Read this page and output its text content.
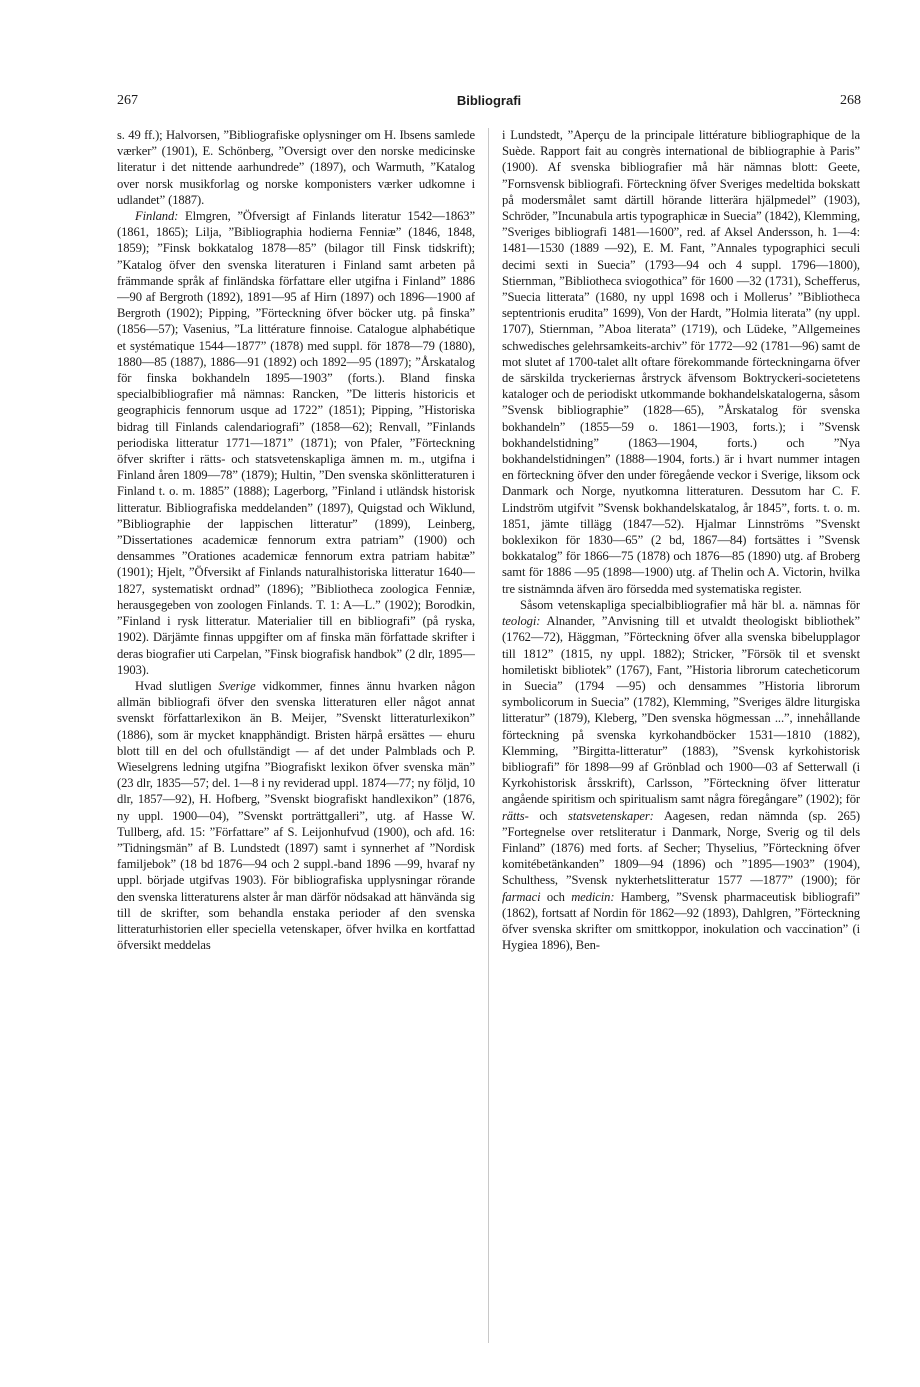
267	Bibliografi	268

s. 49 ff.); Halvorsen, ”Bibliografiske oplysninger om H. Ibsens samlede værker” (1901), E. Schönberg, ”Oversigt over den norske medicinske literatur i det nittende aarhundrede” (1897), och Warmuth, ”Katalog over norsk musikforlag og norske komponisters værker udkomne i udlandet” (1887).

Finland: Elmgren, ”Öfversigt af Finlands literatur 1542—1863” (1861, 1865); Lilja, ”Bibliographia hodierna Fenniæ” (1846, 1848, 1859); ”Finsk bokkatalog 1878—85” (bilagor till Finsk tidskrift); ”Katalog öfver den svenska literaturen i Finland samt arbeten på främmande språk af finländska författare eller utgifna i Finland” 1886—90 af Bergroth (1892), 1891—95 af Hirn (1897) och 1896—1900 af Bergroth (1902); Pipping, ”Förteckning öfver böcker utg. på finska” (1856—57); Vasenius, ”La littérature finnoise. Catalogue alphabétique et systématique 1544—1877” (1878) med suppl. för 1878—79 (1880), 1880—85 (1887), 1886—91 (1892) och 1892—95 (1897); ”Årskatalog för finska bokhandeln 1895—1903” (forts.). Bland finska specialbibliografier må nämnas: Rancken, ”De litteris historicis et geographicis fennorum usque ad 1722” (1851); Pipping, ”Historiska bidrag till Finlands calendariografi” (1858—62); Renvall, ”Finlands periodiska litteratur 1771—1871” (1871); von Pfaler, ”Förteckning öfver skrifter i rätts- och statsvetenskapliga ämnen m. m., utgifna i Finland åren 1809—78” (1879); Hultin, ”Den svenska skönlitteraturen i Finland t. o. m. 1885” (1888); Lagerborg, ”Finland i utländsk historisk litteratur. Bibliografiska meddelanden” (1897), Quigstad och Wiklund, ”Bibliographie der lappischen litteratur” (1899), Leinberg, ”Dissertationes academicæ fennorum extra patriam” (1900) och densammes ”Orationes academicæ fennorum extra patriam habitæ” (1901); Hjelt, ”Öfversikt af Finlands naturalhistoriska litteratur 1640—1827, systematiskt ordnad” (1896); ”Bibliotheca zoologica Fenniæ, herausgegeben von zoologen Finlands. T. 1: A—L.” (1902); Borodkin, ”Finland i rysk litteratur. Materialier till en bibliografi” (på ryska, 1902). Därjämte finnas uppgifter om af finska män författade skrifter i deras biografier uti Carpelan, ”Finsk biografisk handbok” (2 dlr, 1895—1903).

Hvad slutligen Sverige vidkommer, finnes ännu hvarken någon allmän bibliografi öfver den svenska litteraturen eller något annat svenskt författarlexikon än B. Meijer, ”Svenskt litteraturlexikon” (1886), som är mycket knapphändigt. Bristen härpå ersättes — ehuru blott till en del och ofullständigt — af det under Palmblads och P. Wieselgrens ledning utgifna ”Biografiskt lexikon öfver svenska män” (23 dlr, 1835—57; del. 1—8 i ny reviderad uppl. 1874—77; ny följd, 10 dlr, 1857—92), H. Hofberg, ”Svenskt biografiskt handlexikon” (1876, ny uppl. 1900—04), ”Svenskt porträttgalleri”, utg. af Hasse W. Tullberg, afd. 15: ”Författare” af S. Leijonhufvud (1900), och afd. 16: ”Tidningsmän” af B. Lundstedt (1897) samt i synnerhet af ”Nordisk familjebok” (18 bd 1876—94 och 2 suppl.-band 1896 —99, hvaraf ny uppl. började utgifvas 1903). För bibliografiska upplysningar rörande den svenska litteraturens alster år man därför nödsakad att hänvända sig till de skrifter, som behandla enstaka perioder af den svenska litteraturhistorien eller speciella vetenskaper, öfver hvilka en kortfattad öfversikt meddelas

i Lundstedt, ”Aperçu de la principale littérature bibliographique de la Suède. Rapport fait au congrès international de bibliographie à Paris” (1900). Af svenska bibliografier må här nämnas blott: Geete, ”Fornsvensk bibliografi. Förteckning öfver Sveriges medeltida bokskatt på modersmålet samt därtill hörande litterära hjälpmedel” (1903), Schröder, ”Incunabula artis typographicæ in Suecia” (1842), Klemming, ”Sveriges bibliografi 1481—1600”, red. af Aksel Andersson, h. 1—4: 1481—1530 (1889 —92), E. M. Fant, ”Annales typographici seculi decimi sexti in Suecia” (1793—94 och 4 suppl. 1796—1800), Stiernman, ”Bibliotheca sviogothica” för 1600 —32 (1731), Schefferus, ”Suecia litterata” (1680, ny uppl 1698 och i Mollerus’ ”Bibliotheca septentrionis erudita” 1699), Von der Hardt, ”Holmia literata” (ny uppl. 1707), Stiernman, ”Aboa literata” (1719), och Lüdeke, ”Allgemeines schwedisches gelehrsamkeits-archiv” för 1772—92 (1781—96) samt de mot slutet af 1700-talet allt oftare förekommande förteckningarna öfver de särskilda tryckeriernas årstryck äfvensom Boktryckeri-societetens kataloger och de periodiskt utkommande bokhandelskatalogerna, såsom ”Svensk bibliographie” (1828—65), ”Årskatalog för svenska bokhandeln” (1855—59 o. 1861—1903, forts.); i ”Svensk bokhandelstidning” (1863—1904, forts.) och ”Nya bokhandelstidningen” (1888—1904, forts.) är i hvart nummer intagen en förteckning öfver den under föregående veckor i Sverige, liksom ock Danmark och Norge, nyutkomna litteraturen. Dessutom har C. F. Lindström utgifvit ”Svensk bokhandelskatalog, år 1845”, forts. t. o. m. 1851, jämte tillägg (1847—52). Hjalmar Linnströms ”Svenskt boklexikon för 1830—65” (2 bd, 1867—84) fortsättes i ”Svensk bokkatalog” för 1866—75 (1878) och 1876—85 (1890) utg. af Broberg samt för 1886 —95 (1898—1900) utg. af Thelin och A. Victorin, hvilka tre sistnämnda äfven äro försedda med systematiska register.

Såsom vetenskapliga specialbibliografier må här bl. a. nämnas för teologi: Alnander, ”Anvisning till et utvaldt theologiskt bibliothek” (1762—72), Häggman, ”Förteckning öfver alla svenska bibelupplagor till 1812” (1815, ny uppl. 1882); Stricker, ”Försök til et svenskt homiletiskt bibliotek” (1767), Fant, ”Historia librorum catecheticorum in Suecia” (1794 —95) och densammes ”Historia librorum symbolicorum in Suecia” (1782), Klemming, ”Sveriges äldre liturgiska litteratur” (1879), Kleberg, ”Den svenska högmessan ...”, innehållande förteckning på svenska kyrkohandböcker 1531—1810 (1882), Klemming, ”Birgitta-litteratur” (1883), ”Svensk kyrkohistorisk bibliografi” för 1898—99 af Grönblad och 1900—03 af Setterwall (i Kyrkohistorisk årsskrift), Carlsson, ”Förteckning öfver litteratur angående spiritism och spiritualism samt några föregångare” (1902); för rätts- och statsvetenskaper: Aagesen, redan nämnda (sp. 265) ”Fortegnelse over retsliteratur i Danmark, Norge, Sverig og til dels Finland” (1876) med forts. af Secher; Thyselius, ”Förteckning öfver komitébetänkanden” 1809—94 (1896) och ”1895—1903” (1904), Schulthess, ”Svensk nykterhetslitteratur 1577 —1877” (1900); för farmaci och medicin: Hamberg, ”Svensk pharmaceutisk bibliografi” (1862), fortsatt af Nordin för 1862—92 (1893), Dahlgren, ”Förteckning öfver svenska skrifter om smittkoppor, inokulation och vaccination” (i Hygiea 1896), Ben-
